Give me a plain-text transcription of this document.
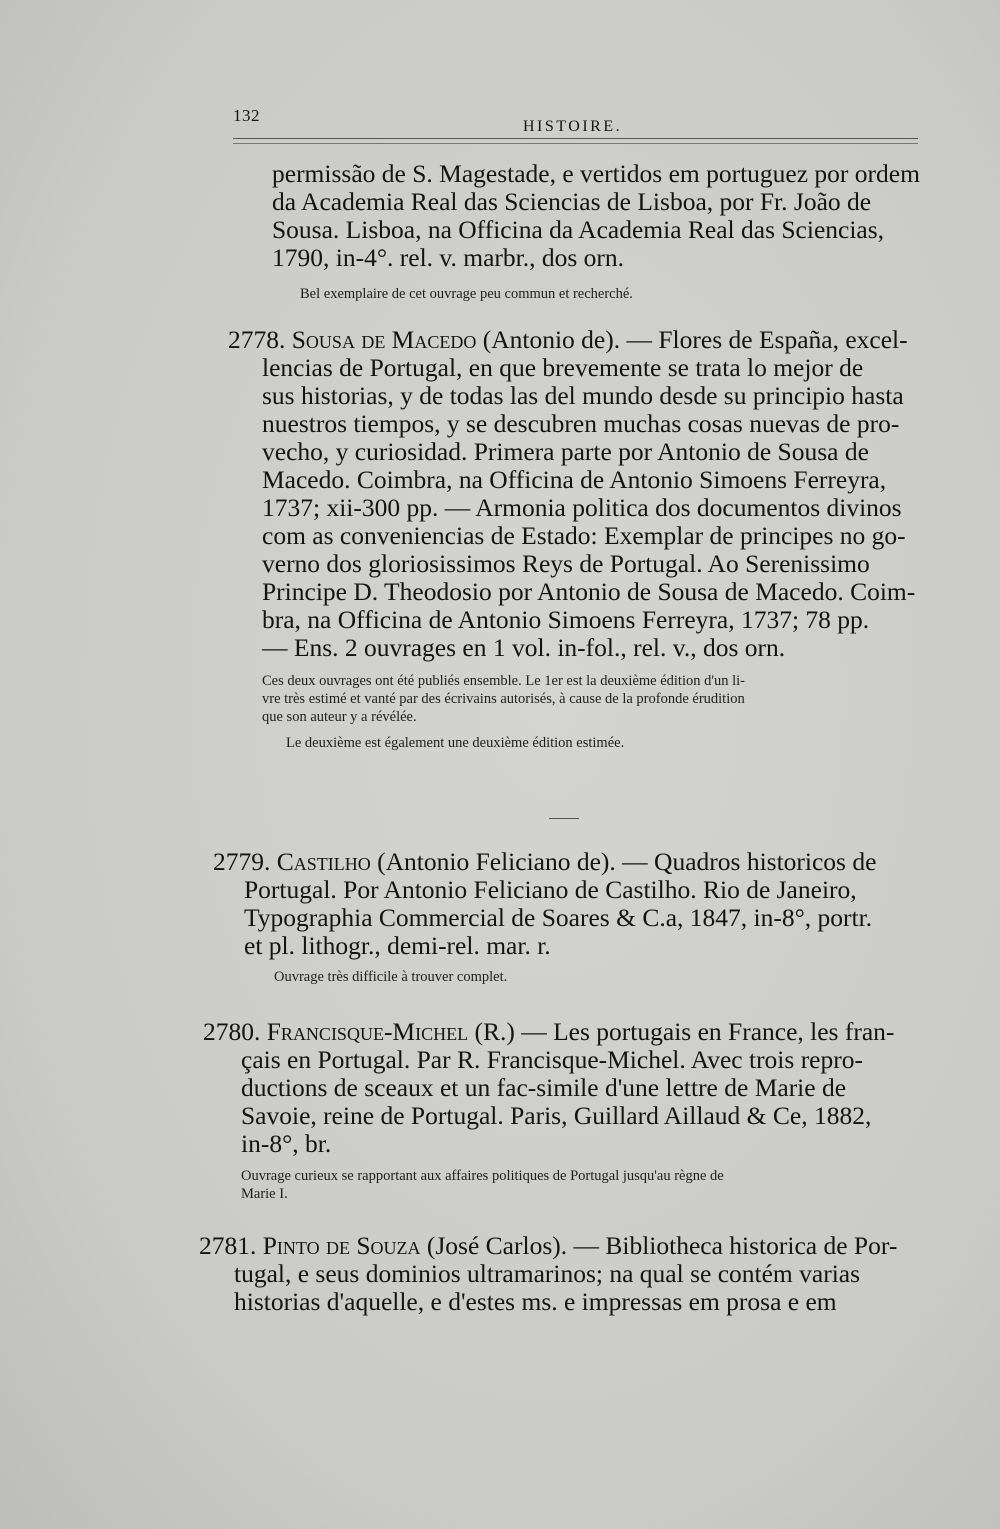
132
HISTOIRE.
permissão de S. Magestade, e vertidos em portuguez por ordem
da Academia Real das Sciencias de Lisboa, por Fr. João de
Sousa. Lisboa, na Officina da Academia Real das Sciencias,
1790, in-4°. rel. v. marbr., dos orn.
Bel exemplaire de cet ouvrage peu commun et recherché.
2778. Sousa de Macedo (Antonio de). — Flores de España, excel-
lencias de Portugal, en que brevemente se trata lo mejor de
sus historias, y de todas las del mundo desde su principio hasta
nuestros tiempos, y se descubren muchas cosas nuevas de pro-
vecho, y curiosidad. Primera parte por Antonio de Sousa de
Macedo. Coimbra, na Officina de Antonio Simoens Ferreyra,
1737; xii-300 pp. — Armonia politica dos documentos divinos
com as conveniencias de Estado: Exemplar de principes no go-
verno dos gloriosissimos Reys de Portugal. Ao Serenissimo
Principe D. Theodosio por Antonio de Sousa de Macedo. Coim-
bra, na Officina de Antonio Simoens Ferreyra, 1737; 78 pp.
— Ens. 2 ouvrages en 1 vol. in-fol., rel. v., dos orn.
Ces deux ouvrages ont été publiés ensemble. Le 1er est la deuxième édition d'un li-
vre très estimé et vanté par des écrivains autorisés, à cause de la profonde érudition
que son auteur y a révélée.
Le deuxième est également une deuxième édition estimée.
2779. Castilho (Antonio Feliciano de). — Quadros historicos de
Portugal. Por Antonio Feliciano de Castilho. Rio de Janeiro,
Typographia Commercial de Soares & C.a, 1847, in-8°, portr.
et pl. lithogr., demi-rel. mar. r.
Ouvrage très difficile à trouver complet.
2780. Francisque-Michel (R.) — Les portugais en France, les fran-
çais en Portugal. Par R. Francisque-Michel. Avec trois repro-
ductions de sceaux et un fac-simile d'une lettre de Marie de
Savoie, reine de Portugal. Paris, Guillard Aillaud & Ce, 1882,
in-8°, br.
Ouvrage curieux se rapportant aux affaires politiques de Portugal jusqu'au règne de
Marie I.
2781. Pinto de Souza (José Carlos). — Bibliotheca historica de Por-
tugal, e seus dominios ultramarinos; na qual se contém varias
historias d'aquelle, e d'estes ms. e impressas em prosa e em
